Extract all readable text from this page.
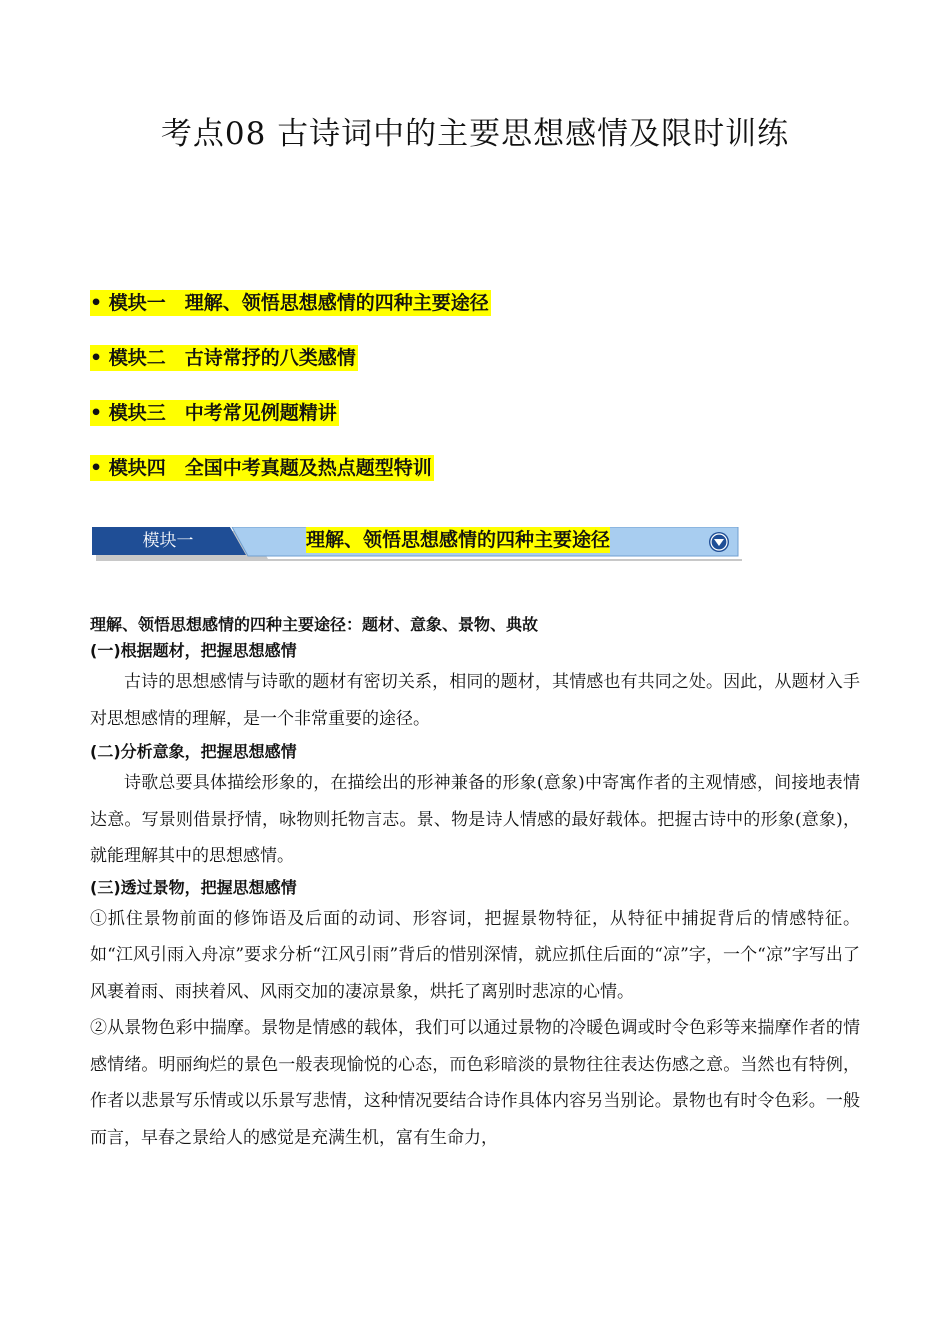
考点08 古诗词中的主要思想感情及限时训练
• 模块一　理解、领悟思想感情的四种主要途径
• 模块二　古诗常抒的八类感情
• 模块三　中考常见例题精讲
• 模块四　全国中考真题及热点题型特训
模块一	理解、领悟思想感情的四种主要途径
理解、领悟思想感情的四种主要途径：题材、意象、景物、典故
(一)根据题材，把握思想感情

古诗的思想感情与诗歌的题材有密切关系，相同的题材，其情感也有共同之处。因此，从题材入手对思想感情的理解，是一个非常重要的途径。

(二)分析意象，把握思想感情

诗歌总要具体描绘形象的，在描绘出的形神兼备的形象(意象)中寄寓作者的主观情感，间接地表情达意。写景则借景抒情，咏物则托物言志。景、物是诗人情感的最好载体。把握古诗中的形象(意象)，就能理解其中的思想感情。

(三)透过景物，把握思想感情

①抓住景物前面的修饰语及后面的动词、形容词，把握景物特征，从特征中捕捉背后的情感特征。如“江风引雨入舟凉”要求分析“江风引雨”背后的惜别深情，就应抓住后面的“凉”字，一个“凉”字写出了风裹着雨、雨挟着风、风雨交加的凄凉景象，烘托了离别时悲凉的心情。

②从景物色彩中揣摩。景物是情感的载体，我们可以通过景物的冷暖色调或时令色彩等来揣摩作者的情感情绪。明丽绚烂的景色一般表现愉悦的心态，而色彩暗淡的景物往往表达伤感之意。当然也有特例，作者以悲景写乐情或以乐景写悲情，这种情况要结合诗作具体内容另当别论。景物也有时令色彩。一般而言，早春之景给人的感觉是充满生机，富有生命力，
